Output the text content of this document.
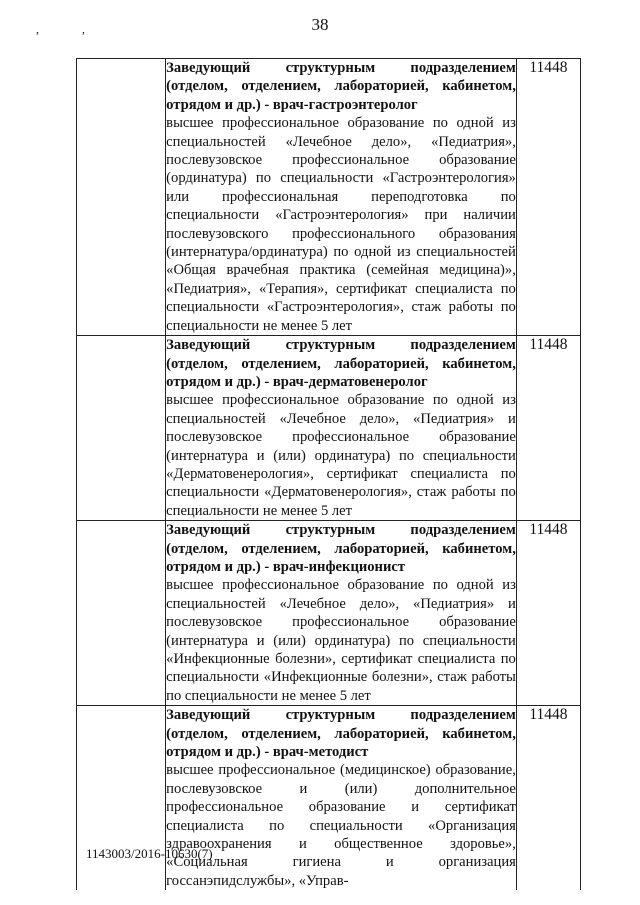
38
, ,

	Заведующий структурным подразделением (отделом, отделением, лабораторией, кабинетом, отрядом и др.) - врач-гастроэнтеролог
высшее профессиональное образование по одной из специальностей «Лечебное дело», «Педиатрия», послевузовское профессиональное образование (ординатура) по специальности «Гастроэнтерология» или профессиональная переподготовка по специальности «Гастроэнтерология» при наличии послевузовского профессионального образования (интернатура/ординатура) по одной из специальностей «Общая врачебная практика (семейная медицина)», «Педиатрия», «Терапия», сертификат специалиста по специальности «Гастроэнтерология», стаж работы по специальности не менее 5 лет	11448

	Заведующий структурным подразделением (отделом, отделением, лабораторией, кабинетом, отрядом и др.) - врач-дерматовенеролог
высшее профессиональное образование по одной из специальностей «Лечебное дело», «Педиатрия» и послевузовское профессиональное образование (интернатура и (или) ординатура) по специальности «Дерматовенерология», сертификат специалиста по специальности «Дерматовенерология», стаж работы по специальности не менее 5 лет	11448

	Заведующий структурным подразделением (отделом, отделением, лабораторией, кабинетом, отрядом и др.) - врач-инфекционист
высшее профессиональное образование по одной из специальностей «Лечебное дело», «Педиатрия» и послевузовское профессиональное образование (интернатура и (или) ординатура) по специальности «Инфекционные болезни», сертификат специалиста по специальности «Инфекционные болезни», стаж работы по специальности не менее 5 лет	11448

	Заведующий структурным подразделением (отделом, отделением, лабораторией, кабинетом, отрядом и др.) - врач-методист
высшее профессиональное (медицинское) образование, послевузовское и (или) дополнительное профессиональное образование и сертификат специалиста по специальности «Организация здравоохранения и общественное здоровье», «Социальная гигиена и организация госсанэпидслужбы», «Управ-	11448
1143003/2016-10630(7)
